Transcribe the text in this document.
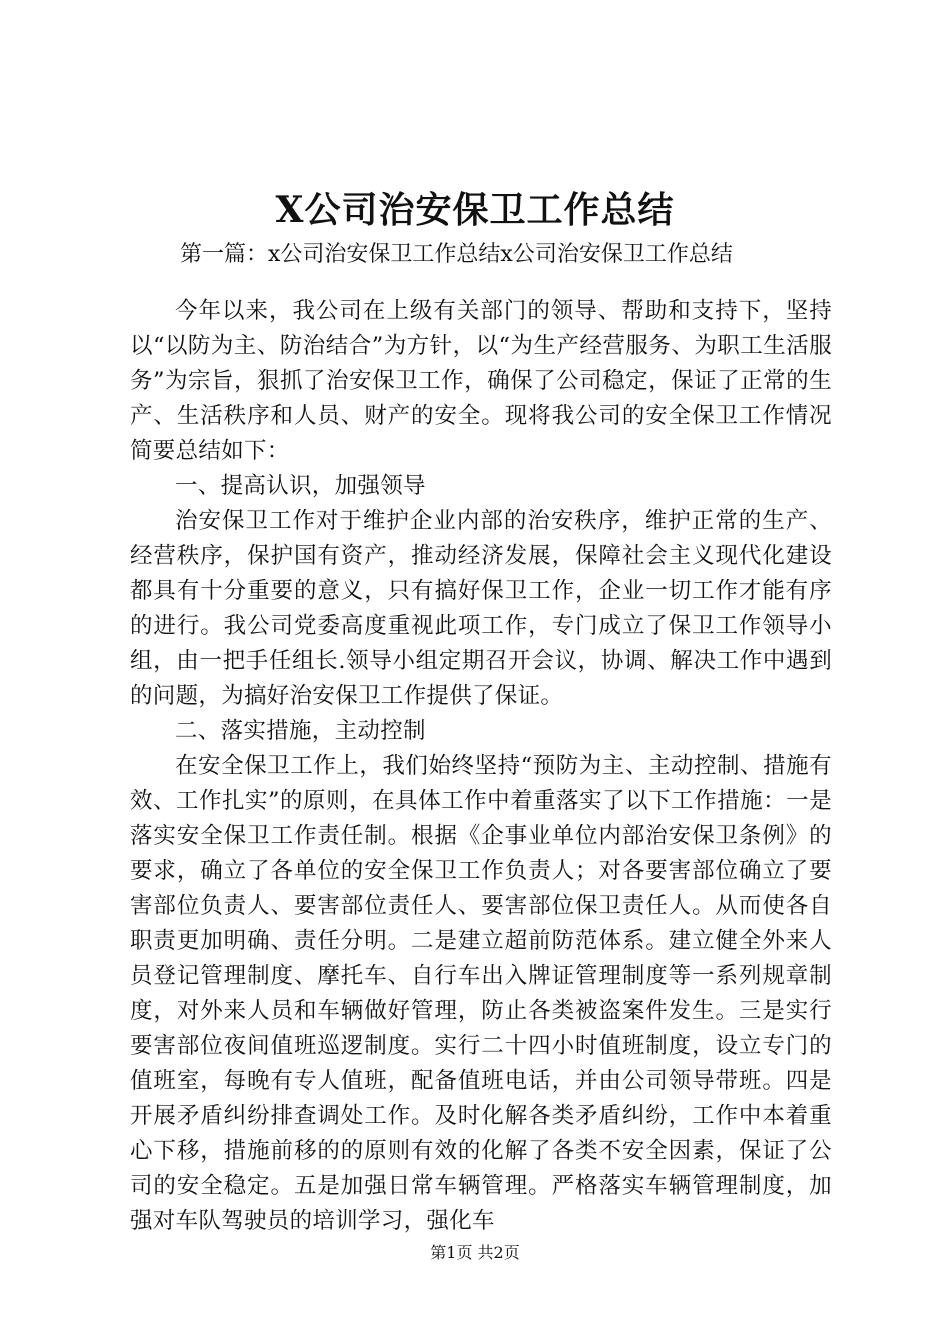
X公司治安保卫工作总结
第一篇：x公司治安保卫工作总结x公司治安保卫工作总结

今年以来，我公司在上级有关部门的领导、帮助和支持下，坚持以“以防为主、防治结合”为方针，以“为生产经营服务、为职工生活服务”为宗旨，狠抓了治安保卫工作，确保了公司稳定，保证了正常的生产、生活秩序和人员、财产的安全。现将我公司的安全保卫工作情况简要总结如下：

一、提高认识，加强领导

治安保卫工作对于维护企业内部的治安秩序，维护正常的生产、经营秩序，保护国有资产，推动经济发展，保障社会主义现代化建设都具有十分重要的意义，只有搞好保卫工作，企业一切工作才能有序的进行。我公司党委高度重视此项工作，专门成立了保卫工作领导小组，由一把手任组长.领导小组定期召开会议，协调、解决工作中遇到的问题，为搞好治安保卫工作提供了保证。

二、落实措施，主动控制

在安全保卫工作上，我们始终坚持“预防为主、主动控制、措施有效、工作扎实”的原则，在具体工作中着重落实了以下工作措施：一是落实安全保卫工作责任制。根据《企事业单位内部治安保卫条例》的要求，确立了各单位的安全保卫工作负责人；对各要害部位确立了要害部位负责人、要害部位责任人、要害部位保卫责任人。从而使各自职责更加明确、责任分明。二是建立超前防范体系。建立健全外来人员登记管理制度、摩托车、自行车出入牌证管理制度等一系列规章制度，对外来人员和车辆做好管理，防止各类被盗案件发生。三是实行要害部位夜间值班巡逻制度。实行二十四小时值班制度，设立专门的值班室，每晚有专人值班，配备值班电话，并由公司领导带班。四是开展矛盾纠纷排查调处工作。及时化解各类矛盾纠纷，工作中本着重心下移，措施前移的的原则有效的化解了各类不安全因素，保证了公司的安全稳定。五是加强日常车辆管理。严格落实车辆管理制度，加强对车队驾驶员的培训学习，强化车

第1页 共2页
